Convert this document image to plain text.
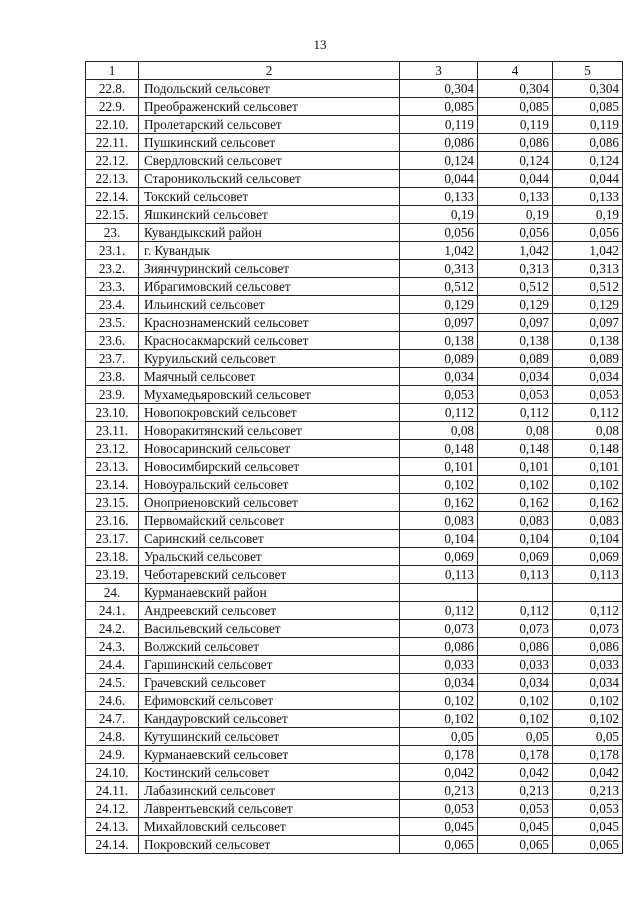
13
1	2	3	4	5
22.8.	Подольский сельсовет	0,304	0,304	0,304
22.9.	Преображенский сельсовет	0,085	0,085	0,085
22.10.	Пролетарский сельсовет	0,119	0,119	0,119
22.11.	Пушкинский сельсовет	0,086	0,086	0,086
22.12.	Свердловский сельсовет	0,124	0,124	0,124
22.13.	Староникольский сельсовет	0,044	0,044	0,044
22.14.	Токский сельсовет	0,133	0,133	0,133
22.15.	Яшкинский сельсовет	0,19	0,19	0,19
23.	Кувандыкский район	0,056	0,056	0,056
23.1.	г. Кувандык	1,042	1,042	1,042
23.2.	Зиянчуринский сельсовет	0,313	0,313	0,313
23.3.	Ибрагимовский сельсовет	0,512	0,512	0,512
23.4.	Ильинский сельсовет	0,129	0,129	0,129
23.5.	Краснознаменский сельсовет	0,097	0,097	0,097
23.6.	Красносакмарский сельсовет	0,138	0,138	0,138
23.7.	Куруильский сельсовет	0,089	0,089	0,089
23.8.	Маячный сельсовет	0,034	0,034	0,034
23.9.	Мухамедьяровский сельсовет	0,053	0,053	0,053
23.10.	Новопокровский сельсовет	0,112	0,112	0,112
23.11.	Новоракитянский сельсовет	0,08	0,08	0,08
23.12.	Новосаринский сельсовет	0,148	0,148	0,148
23.13.	Новосимбирский сельсовет	0,101	0,101	0,101
23.14.	Новоуральский сельсовет	0,102	0,102	0,102
23.15.	Оноприеновский сельсовет	0,162	0,162	0,162
23.16.	Первомайский сельсовет	0,083	0,083	0,083
23.17.	Саринский сельсовет	0,104	0,104	0,104
23.18.	Уральский сельсовет	0,069	0,069	0,069
23.19.	Чеботаревский сельсовет	0,113	0,113	0,113
24.	Курманаевский район			
24.1.	Андреевский сельсовет	0,112	0,112	0,112
24.2.	Васильевский сельсовет	0,073	0,073	0,073
24.3.	Волжский сельсовет	0,086	0,086	0,086
24.4.	Гаршинский сельсовет	0,033	0,033	0,033
24.5.	Грачевский сельсовет	0,034	0,034	0,034
24.6.	Ефимовский сельсовет	0,102	0,102	0,102
24.7.	Кандауровский сельсовет	0,102	0,102	0,102
24.8.	Кутушинский сельсовет	0,05	0,05	0,05
24.9.	Курманаевский сельсовет	0,178	0,178	0,178
24.10.	Костинский сельсовет	0,042	0,042	0,042
24.11.	Лабазинский сельсовет	0,213	0,213	0,213
24.12.	Лаврентьевский сельсовет	0,053	0,053	0,053
24.13.	Михайловский сельсовет	0,045	0,045	0,045
24.14.	Покровский сельсовет	0,065	0,065	0,065
